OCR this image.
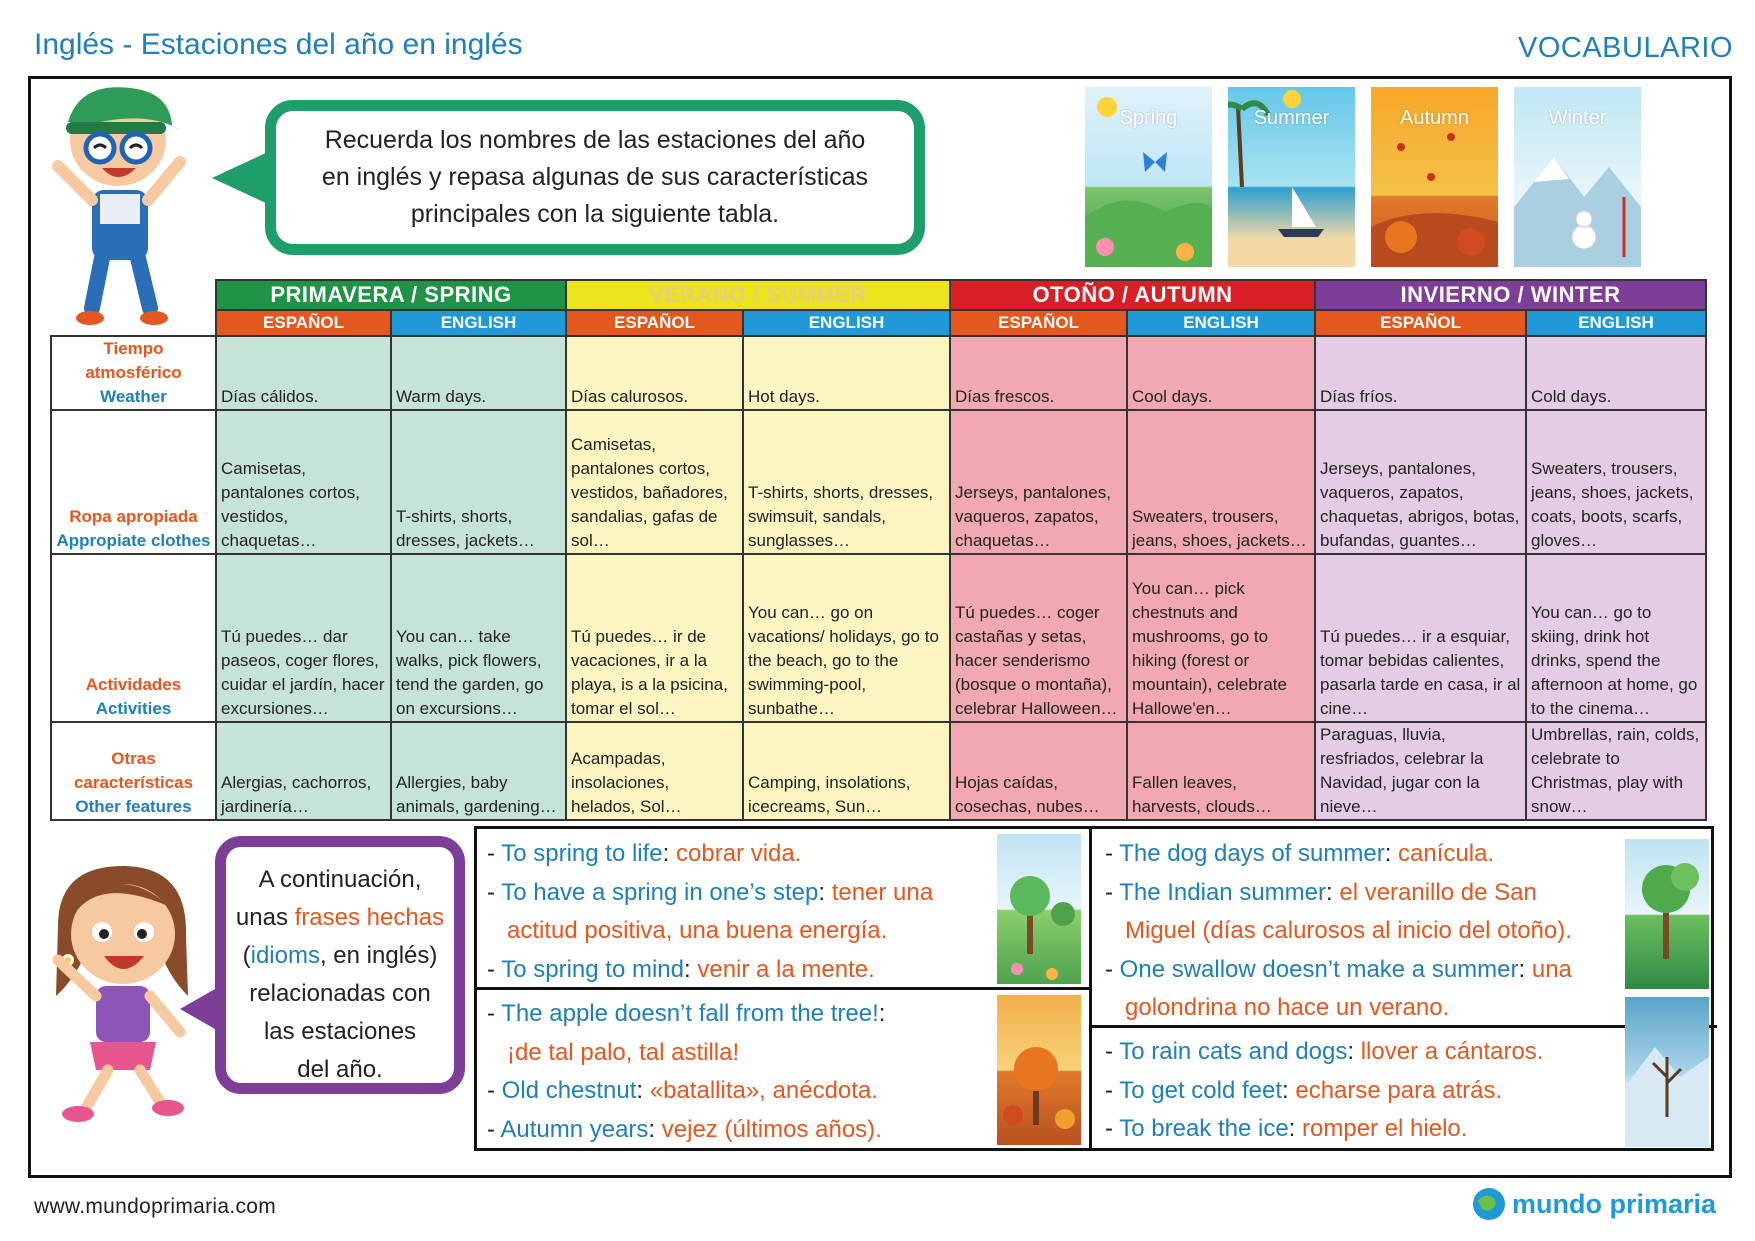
Inglés - Estaciones del año en inglés	VOCABULARIO
Recuerda los nombres de las estaciones del año
en inglés y repasa algunas de sus características
principales con la siguiente tabla.
Spring	Summer	Autumn	Winter
	PRIMAVERA / SPRING		VERANO / SUMMER		OTOÑO / AUTUMN		INVIERNO / WINTER	
	ESPAÑOL	ENGLISH	ESPAÑOL	ENGLISH	ESPAÑOL	ENGLISH	ESPAÑOL	ENGLISH

Tiempo atmosférico
Weather	Días cálidos.	Warm days.	Días calurosos.	Hot days.	Días frescos.	Cool days.	Días fríos.	Cold days.

Ropa apropiada
Appropiate clothes	Camisetas, pantalones cortos, vestidos, chaquetas…	T-shirts, shorts, dresses, jackets…	Camisetas, pantalones cortos, vestidos, bañadores, sandalias, gafas de sol…	T-shirts, shorts, dresses, swimsuit, sandals, sunglasses…	Jerseys, pantalones, vaqueros, zapatos, chaquetas…	Sweaters, trousers, jeans, shoes, jackets…	Jerseys, pantalones, vaqueros, zapatos, chaquetas, abrigos, botas, bufandas, guantes…	Sweaters, trousers, jeans, shoes, jackets, coats, boots, scarfs, gloves…

Actividades
Activities	Tú puedes… dar paseos, coger flores, cuidar el jardín, hacer excursiones…	You can… take walks, pick flowers, tend the garden, go on excursions…	Tú puedes… ir de vacaciones, ir a la playa, is a la psicina, tomar el sol…	You can… go on vacations/ holidays, go to the beach, go to the swimming-pool, sunbathe…	Tú puedes… coger castañas y setas, hacer senderismo (bosque o montaña), celebrar Halloween…	You can… pick chestnuts and mushrooms, go to hiking (forest or mountain), celebrate Hallowe'en…	Tú puedes… ir a esquiar, tomar bebidas calientes, pasarla tarde en casa, ir al cine…	You can… go to skiing, drink hot drinks, spend the afternoon at home, go to the cinema…

Otras características
Other features	Alergias, cachorros, jardinería…	Allergies, baby animals, gardening…	Acampadas, insolaciones, helados, Sol…	Camping, insolations, icecreams, Sun…	Hojas caídas, cosechas, nubes…	Fallen leaves, harvests, clouds…	Paraguas, lluvia, resfriados, celebrar la Navidad, jugar con la nieve…	Umbrellas, rain, colds, celebrate to Christmas, play with snow…
A continuación,
unas frases hechas
(idioms, en inglés)
relacionadas con
las estaciones
del año.
- To spring to life: cobrar vida.
- To have a spring in one’s step: tener una
actitud positiva, una buena energía.
- To spring to mind: venir a la mente.
- The apple doesn’t fall from the tree!:
¡de tal palo, tal astilla!
- Old chestnut: «batallita», anécdota.
- Autumn years: vejez (últimos años).
- The dog days of summer: canícula.
- The Indian summer: el veranillo de San
Miguel (días calurosos al inicio del otoño).
- One swallow doesn’t make a summer: una
golondrina no hace un verano.
- To rain cats and dogs: llover a cántaros.
- To get cold feet: echarse para atrás.
- To break the ice: romper el hielo.
www.mundoprimaria.com	mundo primaria
